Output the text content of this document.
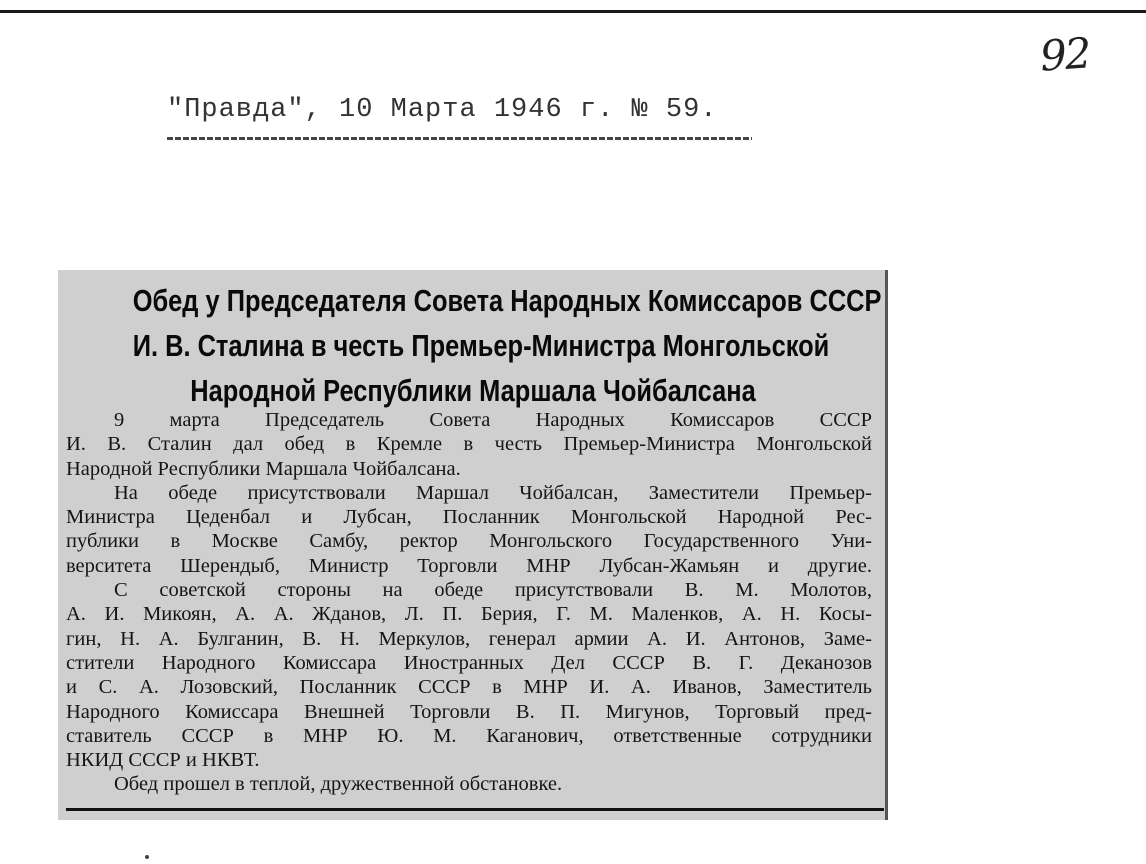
92
"Правда", 10 Марта 1946 г. № 59.
Обед у Председателя Совета Народных Комиссаров СССР
И. В. Сталина в честь Премьер-Министра Монгольской
Народной Республики Маршала Чойбалсана
9 марта Председатель Совета Народных Комиссаров СССР
И. В. Сталин дал обед в Кремле в честь Премьер-Министра Монгольской
Народной Республики Маршала Чойбалсана.
На обеде присутствовали Маршал Чойбалсан, Заместители Премьер-
Министра Цеденбал и Лубсан, Посланник Монгольской Народной Рес-
публики в Москве Самбу, ректор Монгольского Государственного Уни-
верситета Шерендыб, Министр Торговли МНР Лубсан-Жамьян и другие.
С советской стороны на обеде присутствовали В. М. Молотов,
А. И. Микоян, А. А. Жданов, Л. П. Берия, Г. М. Маленков, А. Н. Косы-
гин, Н. А. Булганин, В. Н. Меркулов, генерал армии А. И. Антонов, Заме-
стители Народного Комиссара Иностранных Дел СССР В. Г. Деканозов
и С. А. Лозовский, Посланник СССР в МНР И. А. Иванов, Заместитель
Народного Комиссара Внешней Торговли В. П. Мигунов, Торговый пред-
ставитель СССР в МНР Ю. М. Каганович, ответственные сотрудники
НКИД СССР и НКВТ.
Обед прошел в теплой, дружественной обстановке.
